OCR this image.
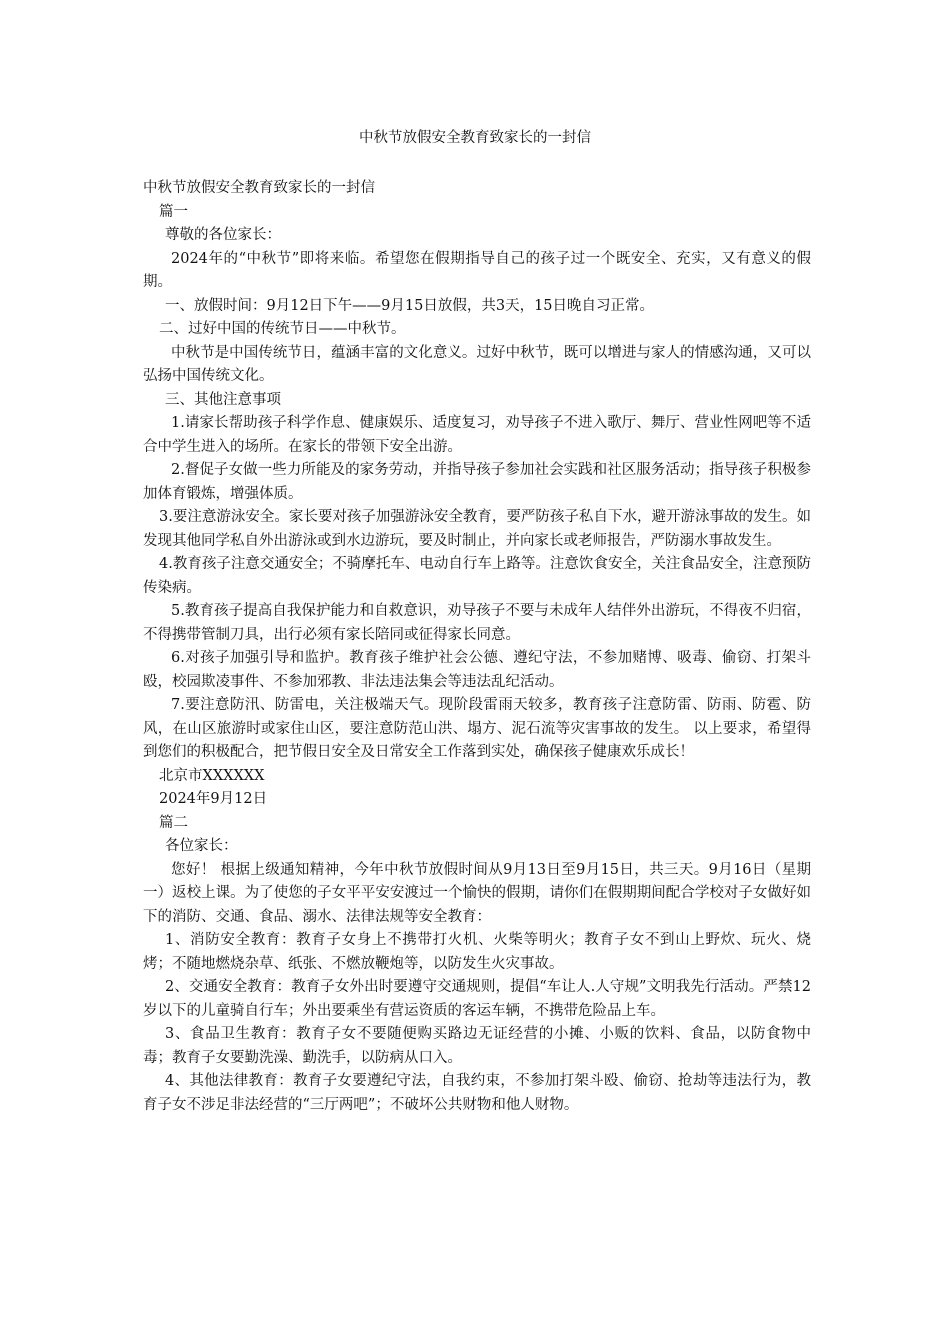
中秋节放假安全教育致家长的一封信

中秋节放假安全教育致家长的一封信

篇一

尊敬的各位家长：

2024年的“中秋节”即将来临。希望您在假期指导自己的孩子过一个既安全、充实，又有意义的假期。

一、放假时间：9月12日下午——9月15日放假，共3天，15日晚自习正常。

二、过好中国的传统节日——中秋节。

中秋节是中国传统节日，蕴涵丰富的文化意义。过好中秋节，既可以增进与家人的情感沟通，又可以弘扬中国传统文化。

三、其他注意事项

1.请家长帮助孩子科学作息、健康娱乐、适度复习，劝导孩子不进入歌厅、舞厅、营业性网吧等不适合中学生进入的场所。在家长的带领下安全出游。

2.督促子女做一些力所能及的家务劳动，并指导孩子参加社会实践和社区服务活动；指导孩子积极参加体育锻炼，增强体质。

3.要注意游泳安全。家长要对孩子加强游泳安全教育，要严防孩子私自下水，避开游泳事故的发生。如发现其他同学私自外出游泳或到水边游玩，要及时制止，并向家长或老师报告，严防溺水事故发生。

4.教育孩子注意交通安全；不骑摩托车、电动自行车上路等。注意饮食安全，关注食品安全，注意预防传染病。

5.教育孩子提高自我保护能力和自救意识，劝导孩子不要与未成年人结伴外出游玩，不得夜不归宿，不得携带管制刀具，出行必须有家长陪同或征得家长同意。

6.对孩子加强引导和监护。教育孩子维护社会公德、遵纪守法，不参加赌博、吸毒、偷窃、打架斗殴，校园欺凌事件、不参加邪教、非法违法集会等违法乱纪活动。

7.要注意防汛、防雷电，关注极端天气。现阶段雷雨天较多，教育孩子注意防雷、防雨、防雹、防风，在山区旅游时或家住山区，要注意防范山洪、塌方、泥石流等灾害事故的发生。 以上要求，希望得到您们的积极配合，把节假日安全及日常安全工作落到实处，确保孩子健康欢乐成长！

北京市XXXXXX

2024年9月12日

篇二

各位家长：

您好！ 根据上级通知精神，今年中秋节放假时间从9月13日至9月15日，共三天。9月16日（星期一）返校上课。为了使您的子女平平安安渡过一个愉快的假期，请你们在假期期间配合学校对子女做好如下的消防、交通、食品、溺水、法律法规等安全教育：

1、消防安全教育：教育子女身上不携带打火机、火柴等明火；教育子女不到山上野炊、玩火、烧烤；不随地燃烧杂草、纸张、不燃放鞭炮等，以防发生火灾事故。

2、交通安全教育：教育子女外出时要遵守交通规则，提倡“车让人.人守规”文明我先行活动。严禁12岁以下的儿童骑自行车；外出要乘坐有营运资质的客运车辆，不携带危险品上车。

3、食品卫生教育：教育子女不要随便购买路边无证经营的小摊、小贩的饮料、食品，以防食物中毒；教育子女要勤洗澡、勤洗手，以防病从口入。

4、其他法律教育：教育子女要遵纪守法，自我约束，不参加打架斗殴、偷窃、抢劫等违法行为，教育子女不涉足非法经营的“三厅两吧”；不破坏公共财物和他人财物。
